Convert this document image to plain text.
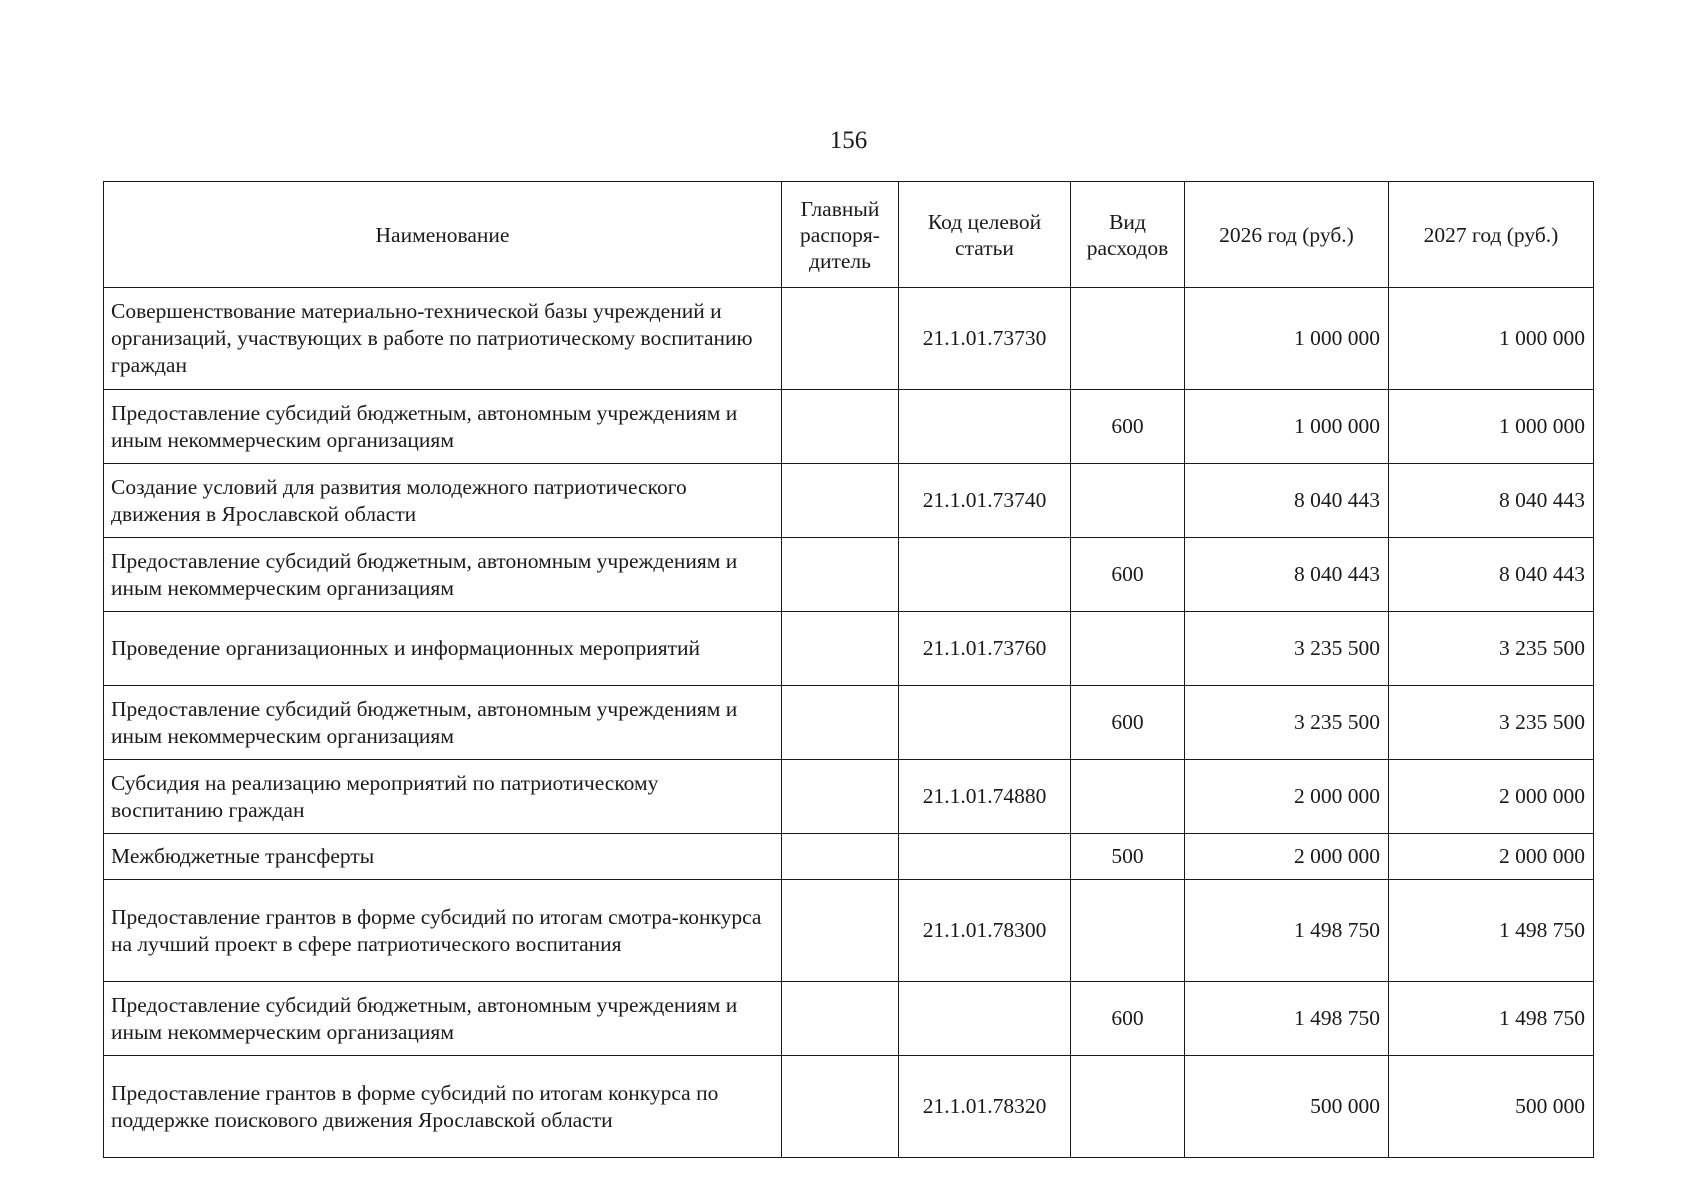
156
Наименование	Главный распоря-дитель	Код целевой статьи	Вид расходов	2026 год (руб.)	2027 год (руб.)
Совершенствование материально-технической базы учреждений и организаций, участвующих в работе по патриотическому воспитанию граждан		21.1.01.73730		1 000 000	1 000 000
Предоставление субсидий бюджетным, автономным учреждениям и иным некоммерческим организациям			600	1 000 000	1 000 000
Создание условий для развития молодежного патриотического движения в Ярославской области		21.1.01.73740		8 040 443	8 040 443
Предоставление субсидий бюджетным, автономным учреждениям и иным некоммерческим организациям			600	8 040 443	8 040 443
Проведение организационных и информационных мероприятий		21.1.01.73760		3 235 500	3 235 500
Предоставление субсидий бюджетным, автономным учреждениям и иным некоммерческим организациям			600	3 235 500	3 235 500
Субсидия на реализацию мероприятий по патриотическому воспитанию граждан		21.1.01.74880		2 000 000	2 000 000
Межбюджетные трансферты			500	2 000 000	2 000 000
Предоставление грантов в форме субсидий по итогам смотра-конкурса на лучший проект в сфере патриотического воспитания		21.1.01.78300		1 498 750	1 498 750
Предоставление субсидий бюджетным, автономным учреждениям и иным некоммерческим организациям			600	1 498 750	1 498 750
Предоставление грантов в форме субсидий по итогам конкурса по поддержке поискового движения Ярославской области		21.1.01.78320		500 000	500 000
